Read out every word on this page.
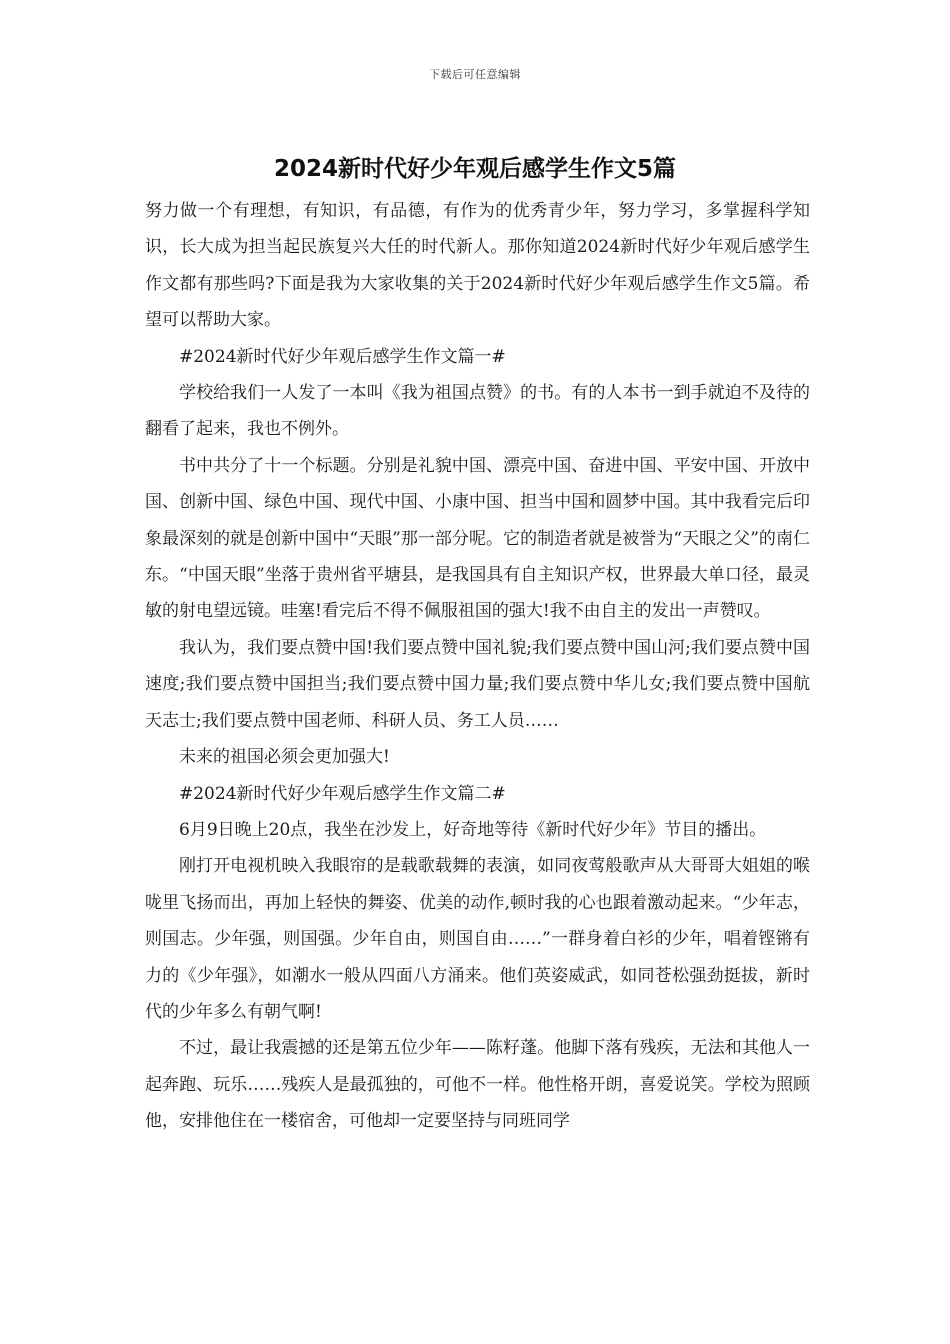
下载后可任意编辑
2024新时代好少年观后感学生作文5篇

努力做一个有理想，有知识，有品德，有作为的优秀青少年，努力学习，多掌握科学知识，长大成为担当起民族复兴大任的时代新人。那你知道2024新时代好少年观后感学生作文都有那些吗?下面是我为大家收集的关于2024新时代好少年观后感学生作文5篇。希望可以帮助大家。

#2024新时代好少年观后感学生作文篇一#

学校给我们一人发了一本叫《我为祖国点赞》的书。有的人本书一到手就迫不及待的翻看了起来，我也不例外。

书中共分了十一个标题。分别是礼貌中国、漂亮中国、奋进中国、平安中国、开放中国、创新中国、绿色中国、现代中国、小康中国、担当中国和圆梦中国。其中我看完后印象最深刻的就是创新中国中“天眼”那一部分呢。它的制造者就是被誉为“天眼之父”的南仁东。“中国天眼”坐落于贵州省平塘县，是我国具有自主知识产权，世界最大单口径，最灵敏的射电望远镜。哇塞!看完后不得不佩服祖国的强大!我不由自主的发出一声赞叹。

我认为，我们要点赞中国!我们要点赞中国礼貌;我们要点赞中国山河;我们要点赞中国速度;我们要点赞中国担当;我们要点赞中国力量;我们要点赞中华儿女;我们要点赞中国航天志士;我们要点赞中国老师、科研人员、务工人员……

未来的祖国必须会更加强大!

#2024新时代好少年观后感学生作文篇二#

6月9日晚上20点，我坐在沙发上，好奇地等待《新时代好少年》节目的播出。

刚打开电视机映入我眼帘的是载歌载舞的表演，如同夜莺般歌声从大哥哥大姐姐的喉咙里飞扬而出，再加上轻快的舞姿、优美的动作,顿时我的心也跟着激动起来。“少年志，则国志。少年强，则国强。少年自由，则国自由……”一群身着白衫的少年，唱着铿锵有力的《少年强》，如潮水一般从四面八方涌来。他们英姿威武，如同苍松强劲挺拔，新时代的少年多么有朝气啊!

不过，最让我震撼的还是第五位少年——陈籽蓬。他脚下落有残疾，无法和其他人一起奔跑、玩乐……残疾人是最孤独的，可他不一样。他性格开朗，喜爱说笑。学校为照顾他，安排他住在一楼宿舍，可他却一定要坚持与同班同学
